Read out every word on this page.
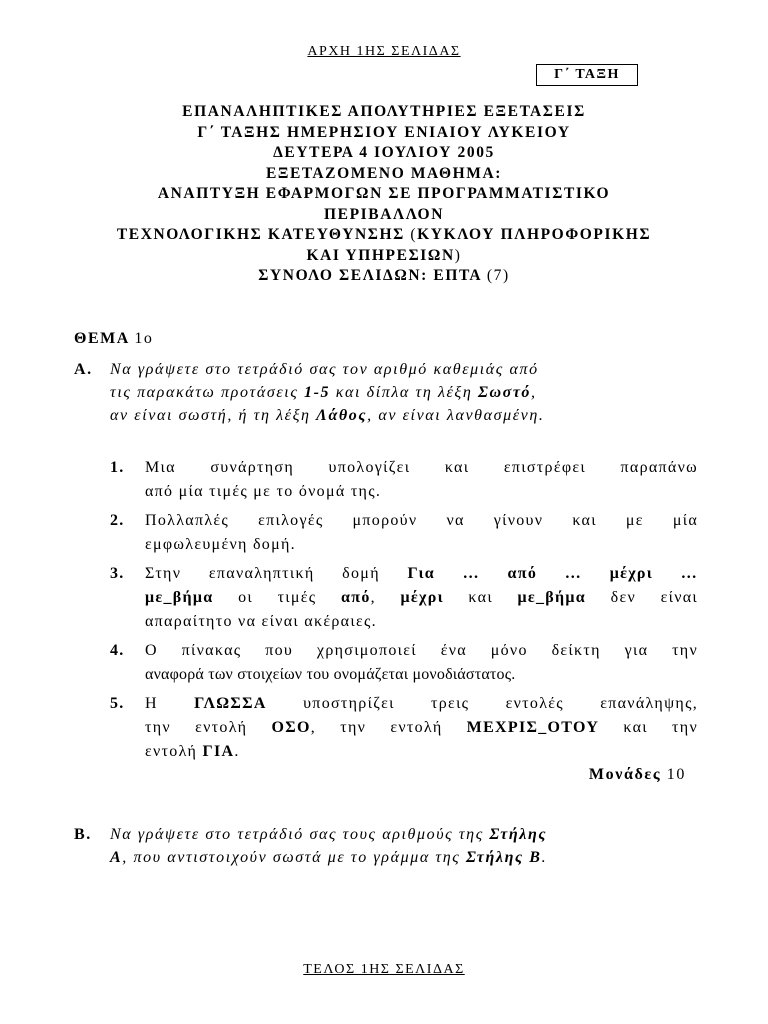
ΑΡΧΗ 1ΗΣ ΣΕΛΙΔΑΣ
Γ΄ ΤΑΞΗ
ΕΠΑΝΑΛΗΠΤΙΚΕΣ ΑΠΟΛΥΤΗΡΙΕΣ ΕΞΕΤΑΣΕΙΣ
Γ΄ ΤΑΞΗΣ ΗΜΕΡΗΣΙΟΥ ΕΝΙΑΙΟΥ ΛΥΚΕΙΟΥ
ΔΕΥΤΕΡΑ 4 ΙΟΥΛΙΟΥ 2005
ΕΞΕΤΑΖΟΜΕΝΟ ΜΑΘΗΜΑ:
ΑΝΑΠΤΥΞΗ ΕΦΑΡΜΟΓΩΝ ΣΕ ΠΡΟΓΡΑΜΜΑΤΙΣΤΙΚΟ
ΠΕΡΙΒΑΛΛΟΝ
ΤΕΧΝΟΛΟΓΙΚΗΣ ΚΑΤΕΥΘΥΝΣΗΣ (ΚΥΚΛΟΥ ΠΛΗΡΟΦΟΡΙΚΗΣ
ΚΑΙ ΥΠΗΡΕΣΙΩΝ)
ΣΥΝΟΛΟ ΣΕΛΙΔΩΝ: ΕΠΤΑ (7)
ΘΕΜΑ 1ο
Α. Να γράψετε στο τετράδιό σας τον αριθμό καθεμιάς από
τις παρακάτω προτάσεις 1-5 και δίπλα τη λέξη Σωστό,
αν είναι σωστή, ή τη λέξη Λάθος, αν είναι λανθασμένη.
1. Μια συνάρτηση υπολογίζει και επιστρέφει παραπάνω
από μία τιμές με το όνομά της.
2. Πολλαπλές επιλογές μπορούν να γίνουν και με μία
εμφωλευμένη δομή.
3. Στην επαναληπτική δομή Για … από … μέχρι …
με_βήμα οι τιμές από, μέχρι και με_βήμα δεν είναι
απαραίτητο να είναι ακέραιες.
4. Ο πίνακας που χρησιμοποιεί ένα μόνο δείκτη για την
αναφορά των στοιχείων του ονομάζεται μονοδιάστατος.
5. Η ΓΛΩΣΣΑ υποστηρίζει τρεις εντολές επανάληψης,
την εντολή ΟΣΟ, την εντολή ΜΕΧΡΙΣ_ΟΤΟΥ και την
εντολή ΓΙΑ.
Μονάδες 10
Β. Να γράψετε στο τετράδιό σας τους αριθμούς της Στήλης
Α, που αντιστοιχούν σωστά με το γράμμα της Στήλης Β.
ΤΕΛΟΣ 1ΗΣ ΣΕΛΙΔΑΣ
